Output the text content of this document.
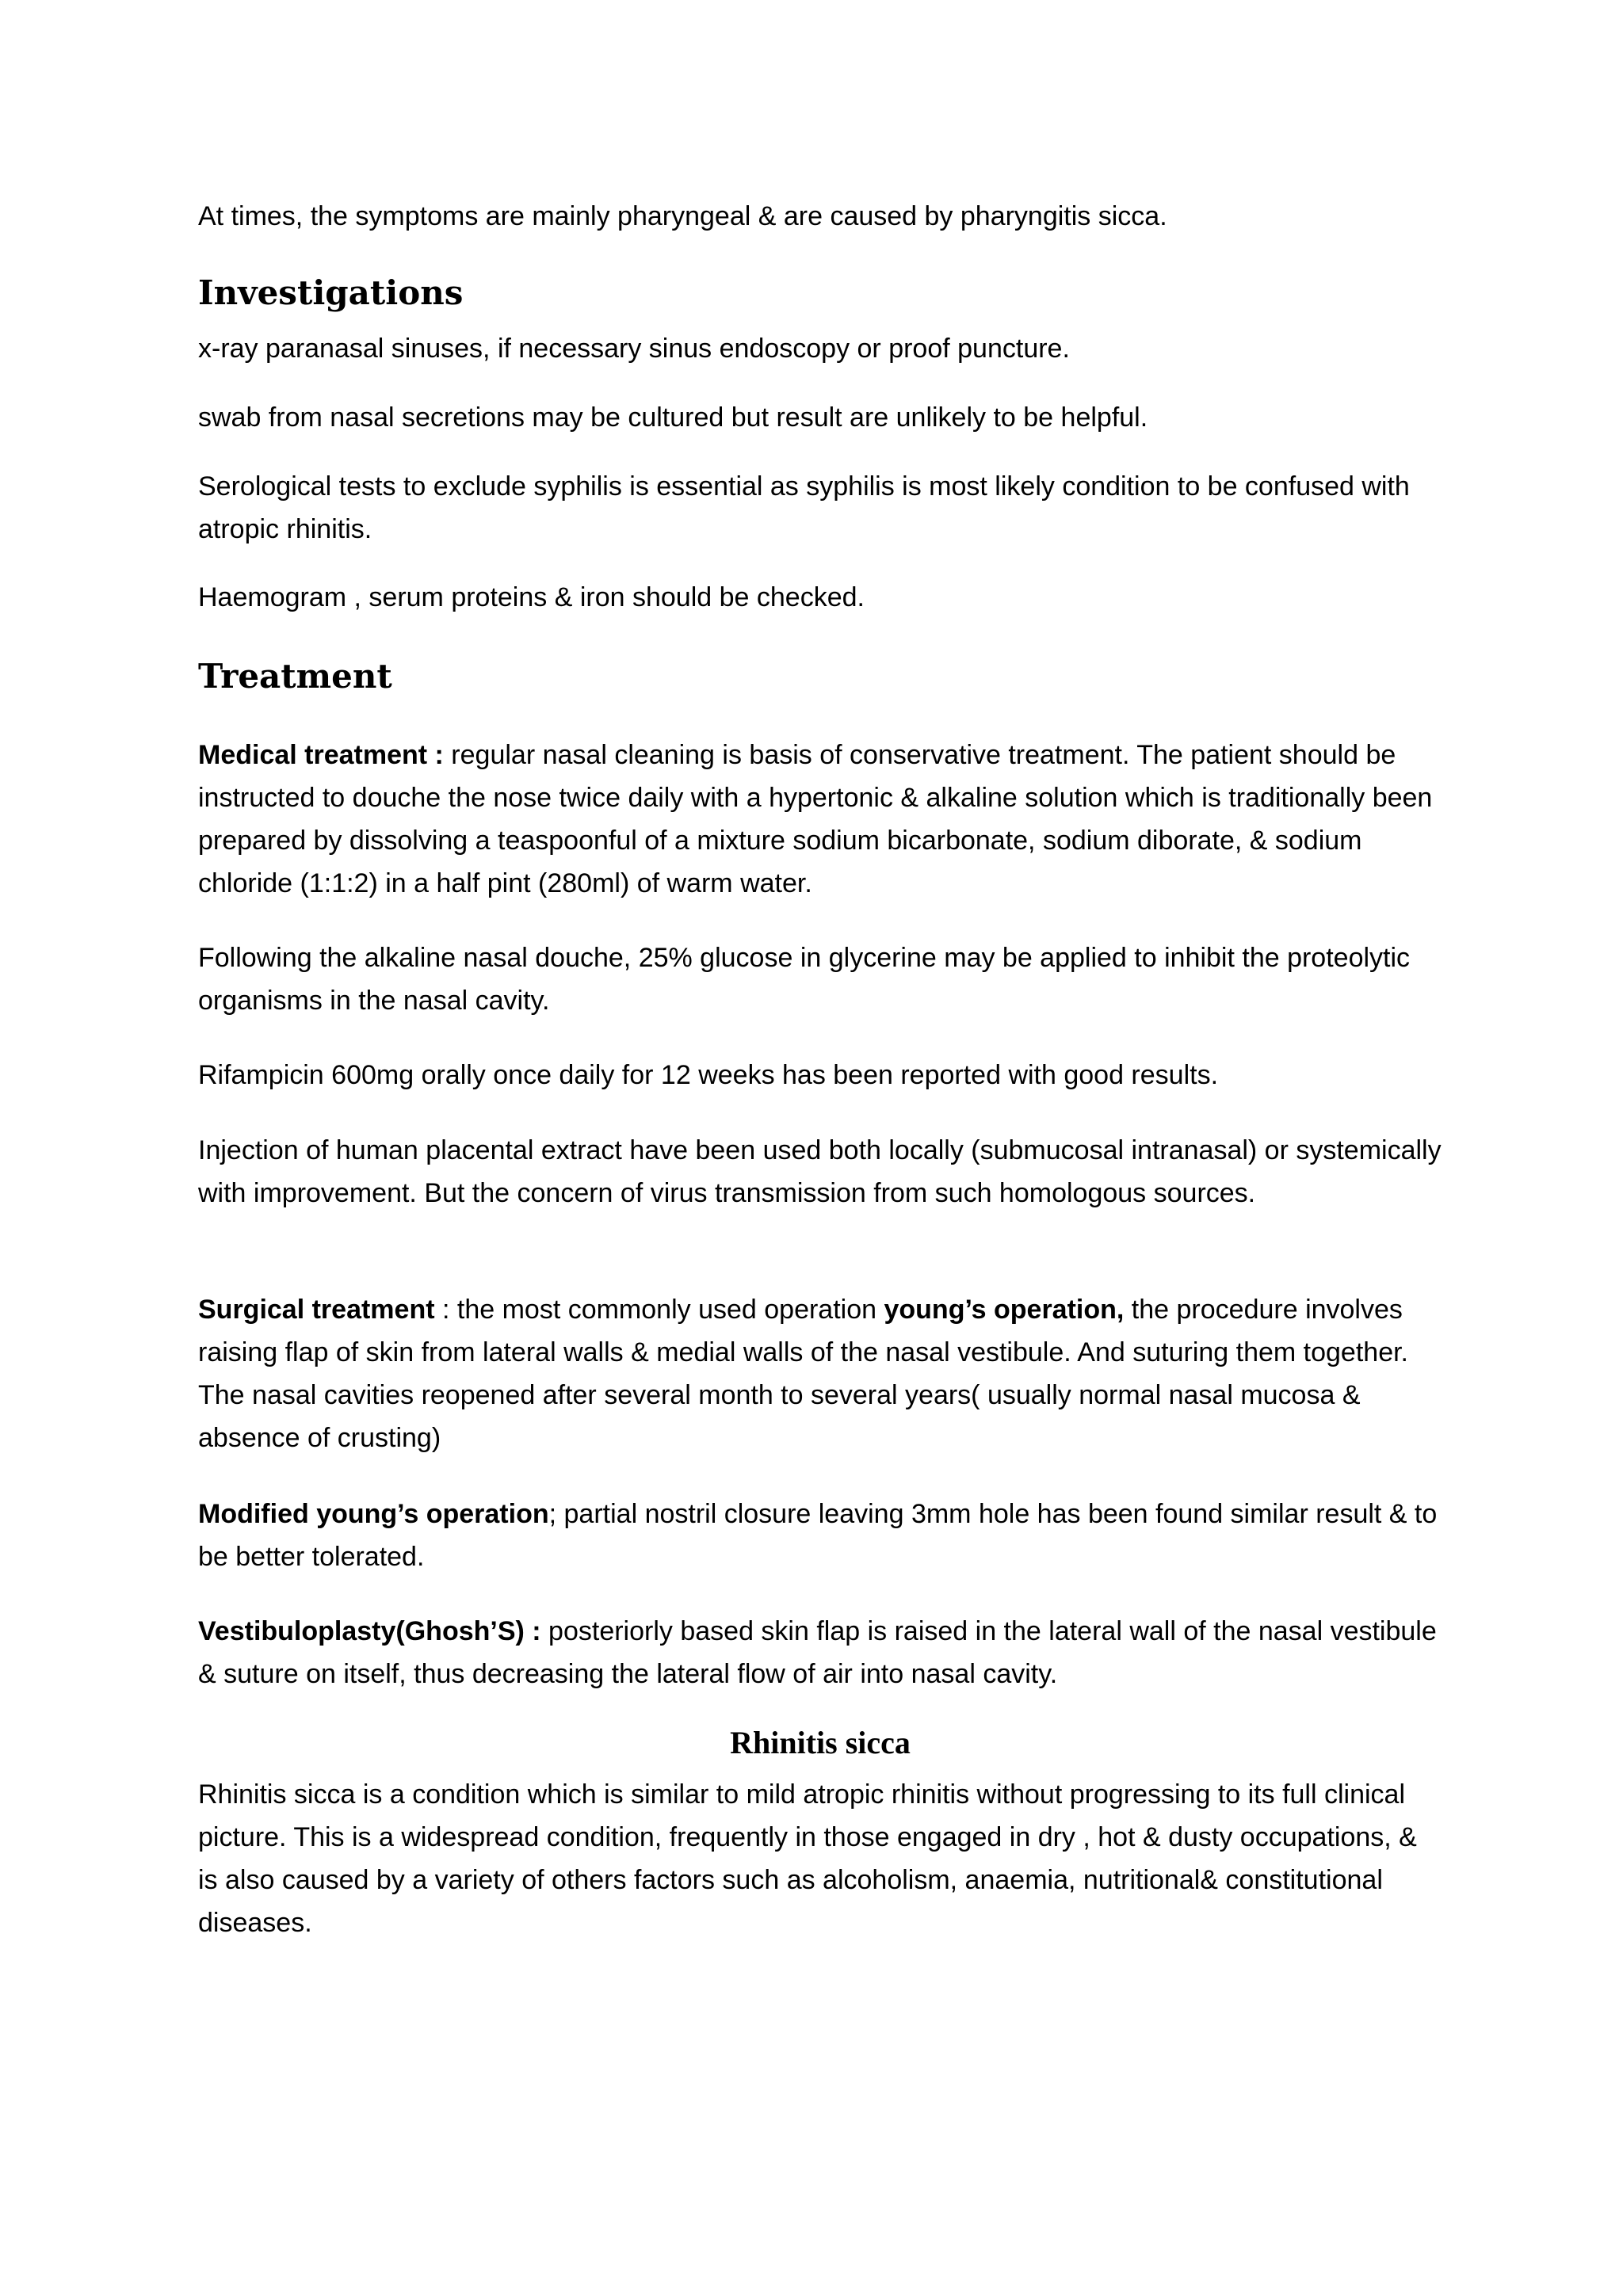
At times, the symptoms are mainly pharyngeal & are caused by pharyngitis sicca.

Investigations

x-ray paranasal sinuses, if necessary sinus endoscopy or proof puncture.

swab from nasal secretions may be cultured but result are unlikely to be helpful.

Serological tests to exclude syphilis is essential as syphilis is most likely condition to be confused with atropic rhinitis.

Haemogram , serum proteins & iron should be checked.

Treatment

Medical treatment : regular nasal cleaning is basis of conservative treatment. The patient should be instructed to douche the nose twice daily with a hypertonic & alkaline solution which is traditionally been prepared by dissolving a teaspoonful of a mixture sodium bicarbonate, sodium diborate, & sodium chloride (1:1:2) in a half pint (280ml) of warm water.

Following the alkaline nasal douche, 25% glucose in glycerine may be applied to inhibit the proteolytic organisms in the nasal cavity.

Rifampicin 600mg orally once daily for 12 weeks has been reported with good results.

Injection of human placental extract have been used both locally (submucosal intranasal) or systemically with improvement. But the concern of virus transmission from such homologous sources.

Surgical treatment : the most commonly used operation young’s operation, the procedure involves raising flap of skin from lateral walls & medial walls of the nasal vestibule. And suturing them together. The nasal cavities reopened after several month to several years( usually normal nasal mucosa & absence of crusting)

Modified young’s operation; partial nostril closure leaving 3mm hole has been found similar result & to be better tolerated.

Vestibuloplasty(Ghosh’S) : posteriorly based skin flap is raised in the lateral wall of the nasal vestibule & suture on itself, thus decreasing the lateral flow of air into nasal cavity.

Rhinitis sicca

Rhinitis sicca is a condition which is similar to mild atropic rhinitis without progressing to its full clinical picture. This is a widespread condition, frequently in those engaged in dry , hot & dusty occupations, & is also caused by a variety of others factors such as alcoholism, anaemia, nutritional& constitutional diseases.
